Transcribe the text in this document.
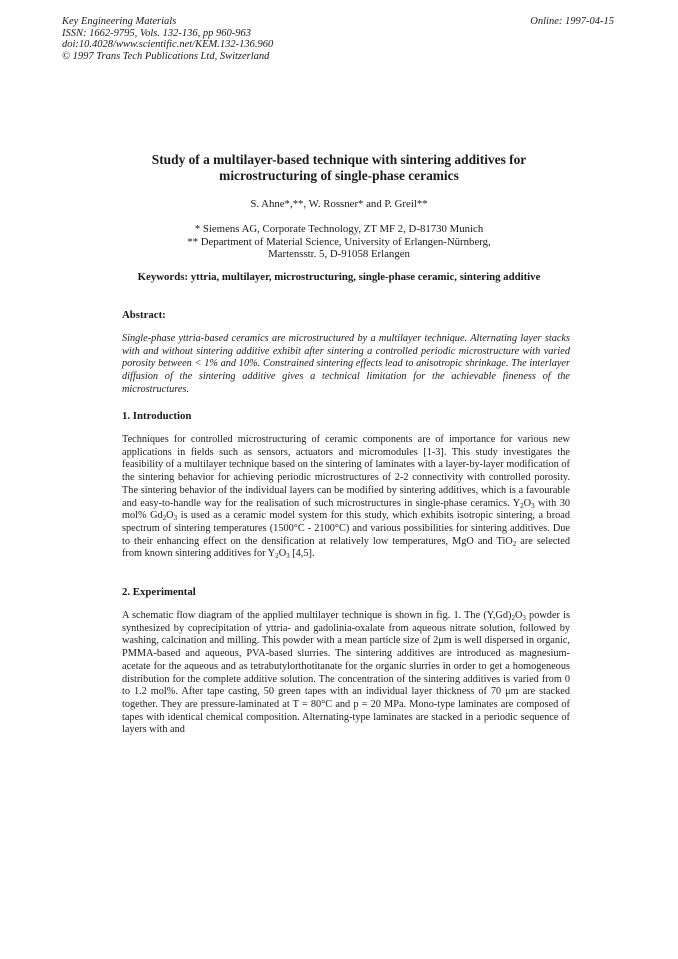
Key Engineering Materials
ISSN: 1662-9795, Vols. 132-136, pp 960-963
doi:10.4028/www.scientific.net/KEM.132-136.960
© 1997 Trans Tech Publications Ltd, Switzerland
Online: 1997-04-15
Study of a multilayer-based technique with sintering additives for
microstructuring of single-phase ceramics
S. Ahne*,**, W. Rossner* and P. Greil**
* Siemens AG, Corporate Technology, ZT MF 2, D-81730 Munich
** Department of Material Science, University of Erlangen-Nürnberg,
Martensstr. 5, D-91058 Erlangen
Keywords: yttria, multilayer, microstructuring, single-phase ceramic, sintering additive
Abstract:
Single-phase yttria-based ceramics are microstructured by a multilayer technique. Alternating layer stacks with and without sintering additive exhibit after sintering a controlled periodic microstructure with varied porosity between < 1% and 10%. Constrained sintering effects lead to anisotropic shrinkage. The interlayer diffusion of the sintering additive gives a technical limitation for the achievable fineness of the microstructures.
1. Introduction
Techniques for controlled microstructuring of ceramic components are of importance for various new applications in fields such as sensors, actuators and micromodules [1-3]. This study investigates the feasibility of a multilayer technique based on the sintering of laminates with a layer-by-layer modification of the sintering behavior for achieving periodic microstructures of 2-2 connectivity with controlled porosity. The sintering behavior of the individual layers can be modified by sintering additives, which is a favourable and easy-to-handle way for the realisation of such microstructures in single-phase ceramics. $Y_2O_3$ with 30 mol% $Gd_2O_3$ is used as a ceramic model system for this study, which exhibits isotropic sintering, a broad spectrum of sintering temperatures (1500°C - 2100°C) and various possibilities for sintering additives. Due to their enhancing effect on the densification at relatively low temperatures, MgO and TiO$_2$ are selected from known sintering additives for $Y_2O_3$ [4,5].
2. Experimental
A schematic flow diagram of the applied multilayer technique is shown in fig. 1. The $(Y,Gd)_2O_3$ powder is synthesized by coprecipitation of yttria- and gadolinia-oxalate from aqueous nitrate solution, followed by washing, calcination and milling. This powder with a mean particle size of 2μm is well dispersed in organic, PMMA-based and aqueous, PVA-based slurries. The sintering additives are introduced as magnesium-acetate for the aqueous and as tetrabutylorthotitanate for the organic slurries in order to get a homogeneous distribution for the complete additive solution. The concentration of the sintering additives is varied from 0 to 1.2 mol%. After tape casting, 50 green tapes with an individual layer thickness of 70 μm are stacked together. They are pressure-laminated at T = 80°C and p = 20 MPa. Mono-type laminates are composed of tapes with identical chemical composition. Alternating-type laminates are stacked in a periodic sequence of layers with and
